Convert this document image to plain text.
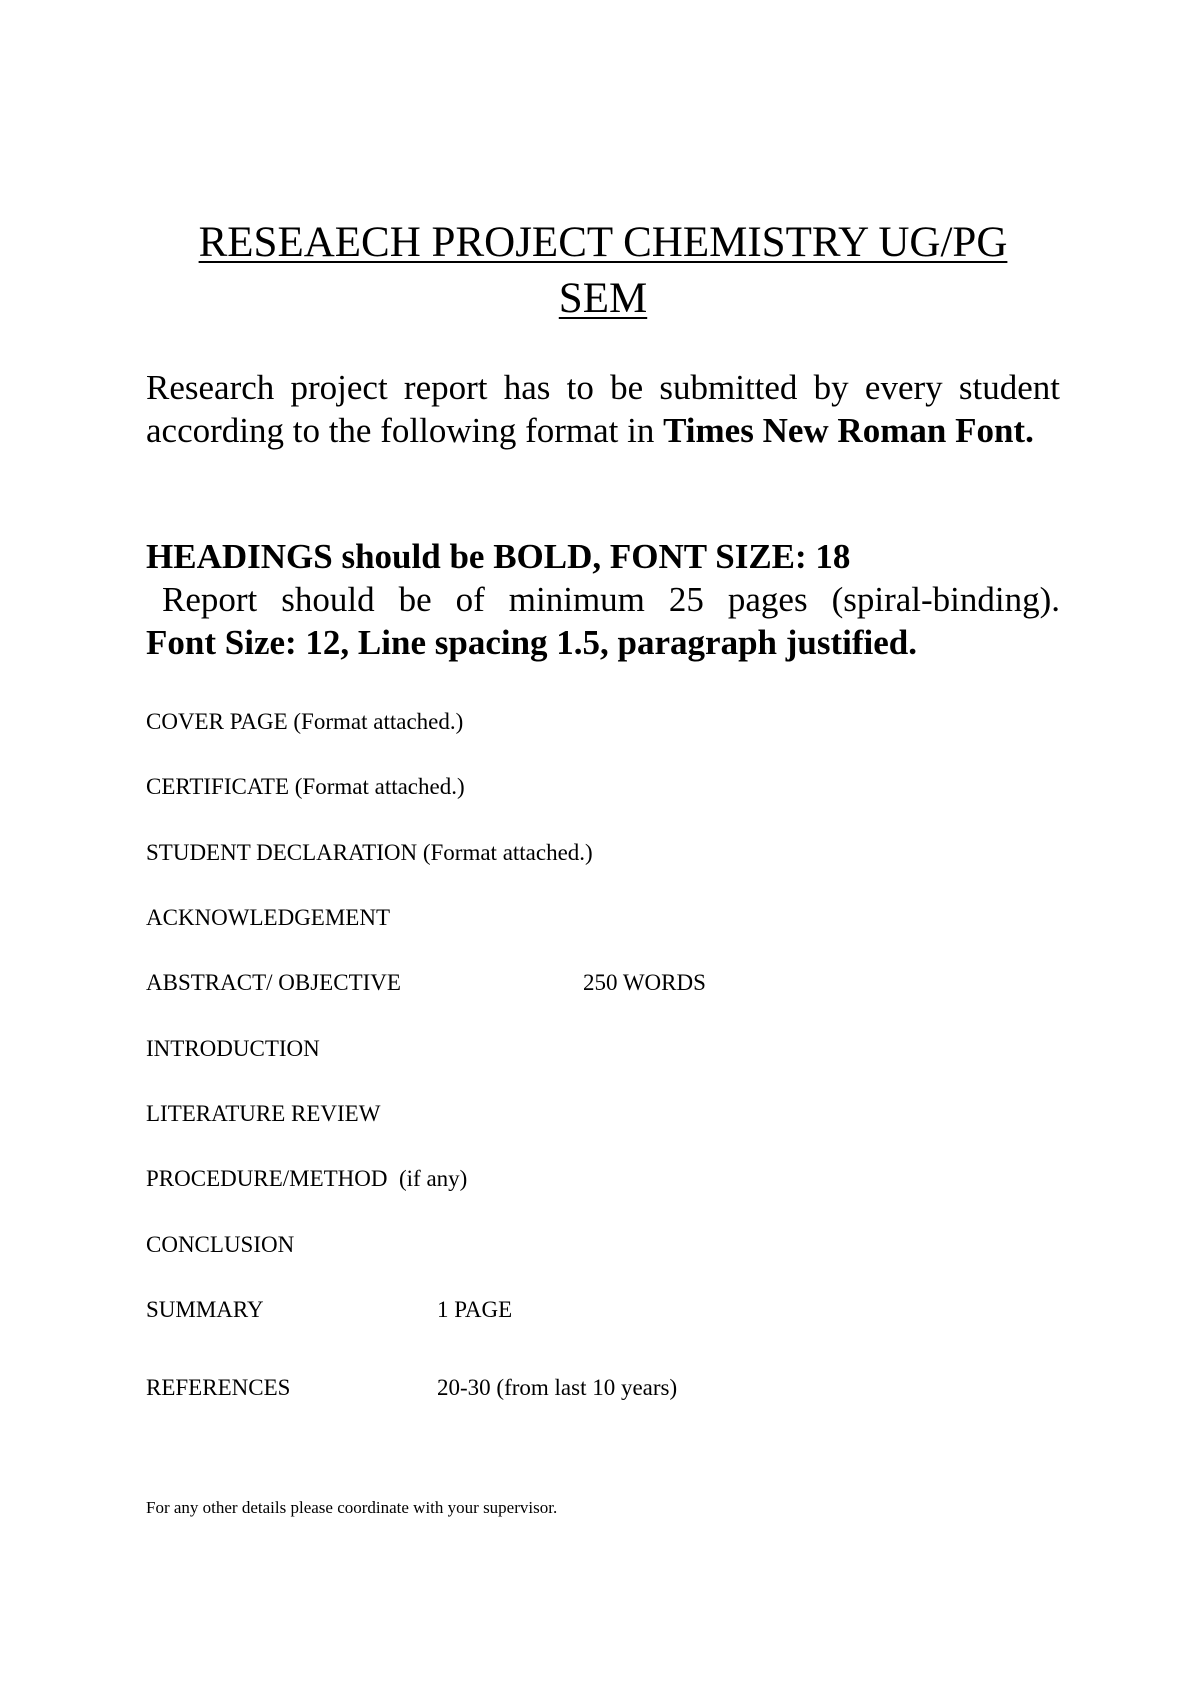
RESEAECH PROJECT CHEMISTRY UG/PG
SEM

Research project report has to be submitted by every student according to the following format in Times New Roman Font.

HEADINGS should be BOLD, FONT SIZE: 18

Report should be of minimum 25 pages (spiral-binding).
Font Size: 12, Line spacing 1.5, paragraph justified.

COVER PAGE (Format attached.)

CERTIFICATE (Format attached.)

STUDENT DECLARATION (Format attached.)

ACKNOWLEDGEMENT

ABSTRACT/ OBJECTIVE	250 WORDS

INTRODUCTION

LITERATURE REVIEW

PROCEDURE/METHOD  (if any)

CONCLUSION

SUMMARY	1 PAGE

REFERENCES	20-30 (from last 10 years)

For any other details please coordinate with your supervisor.
